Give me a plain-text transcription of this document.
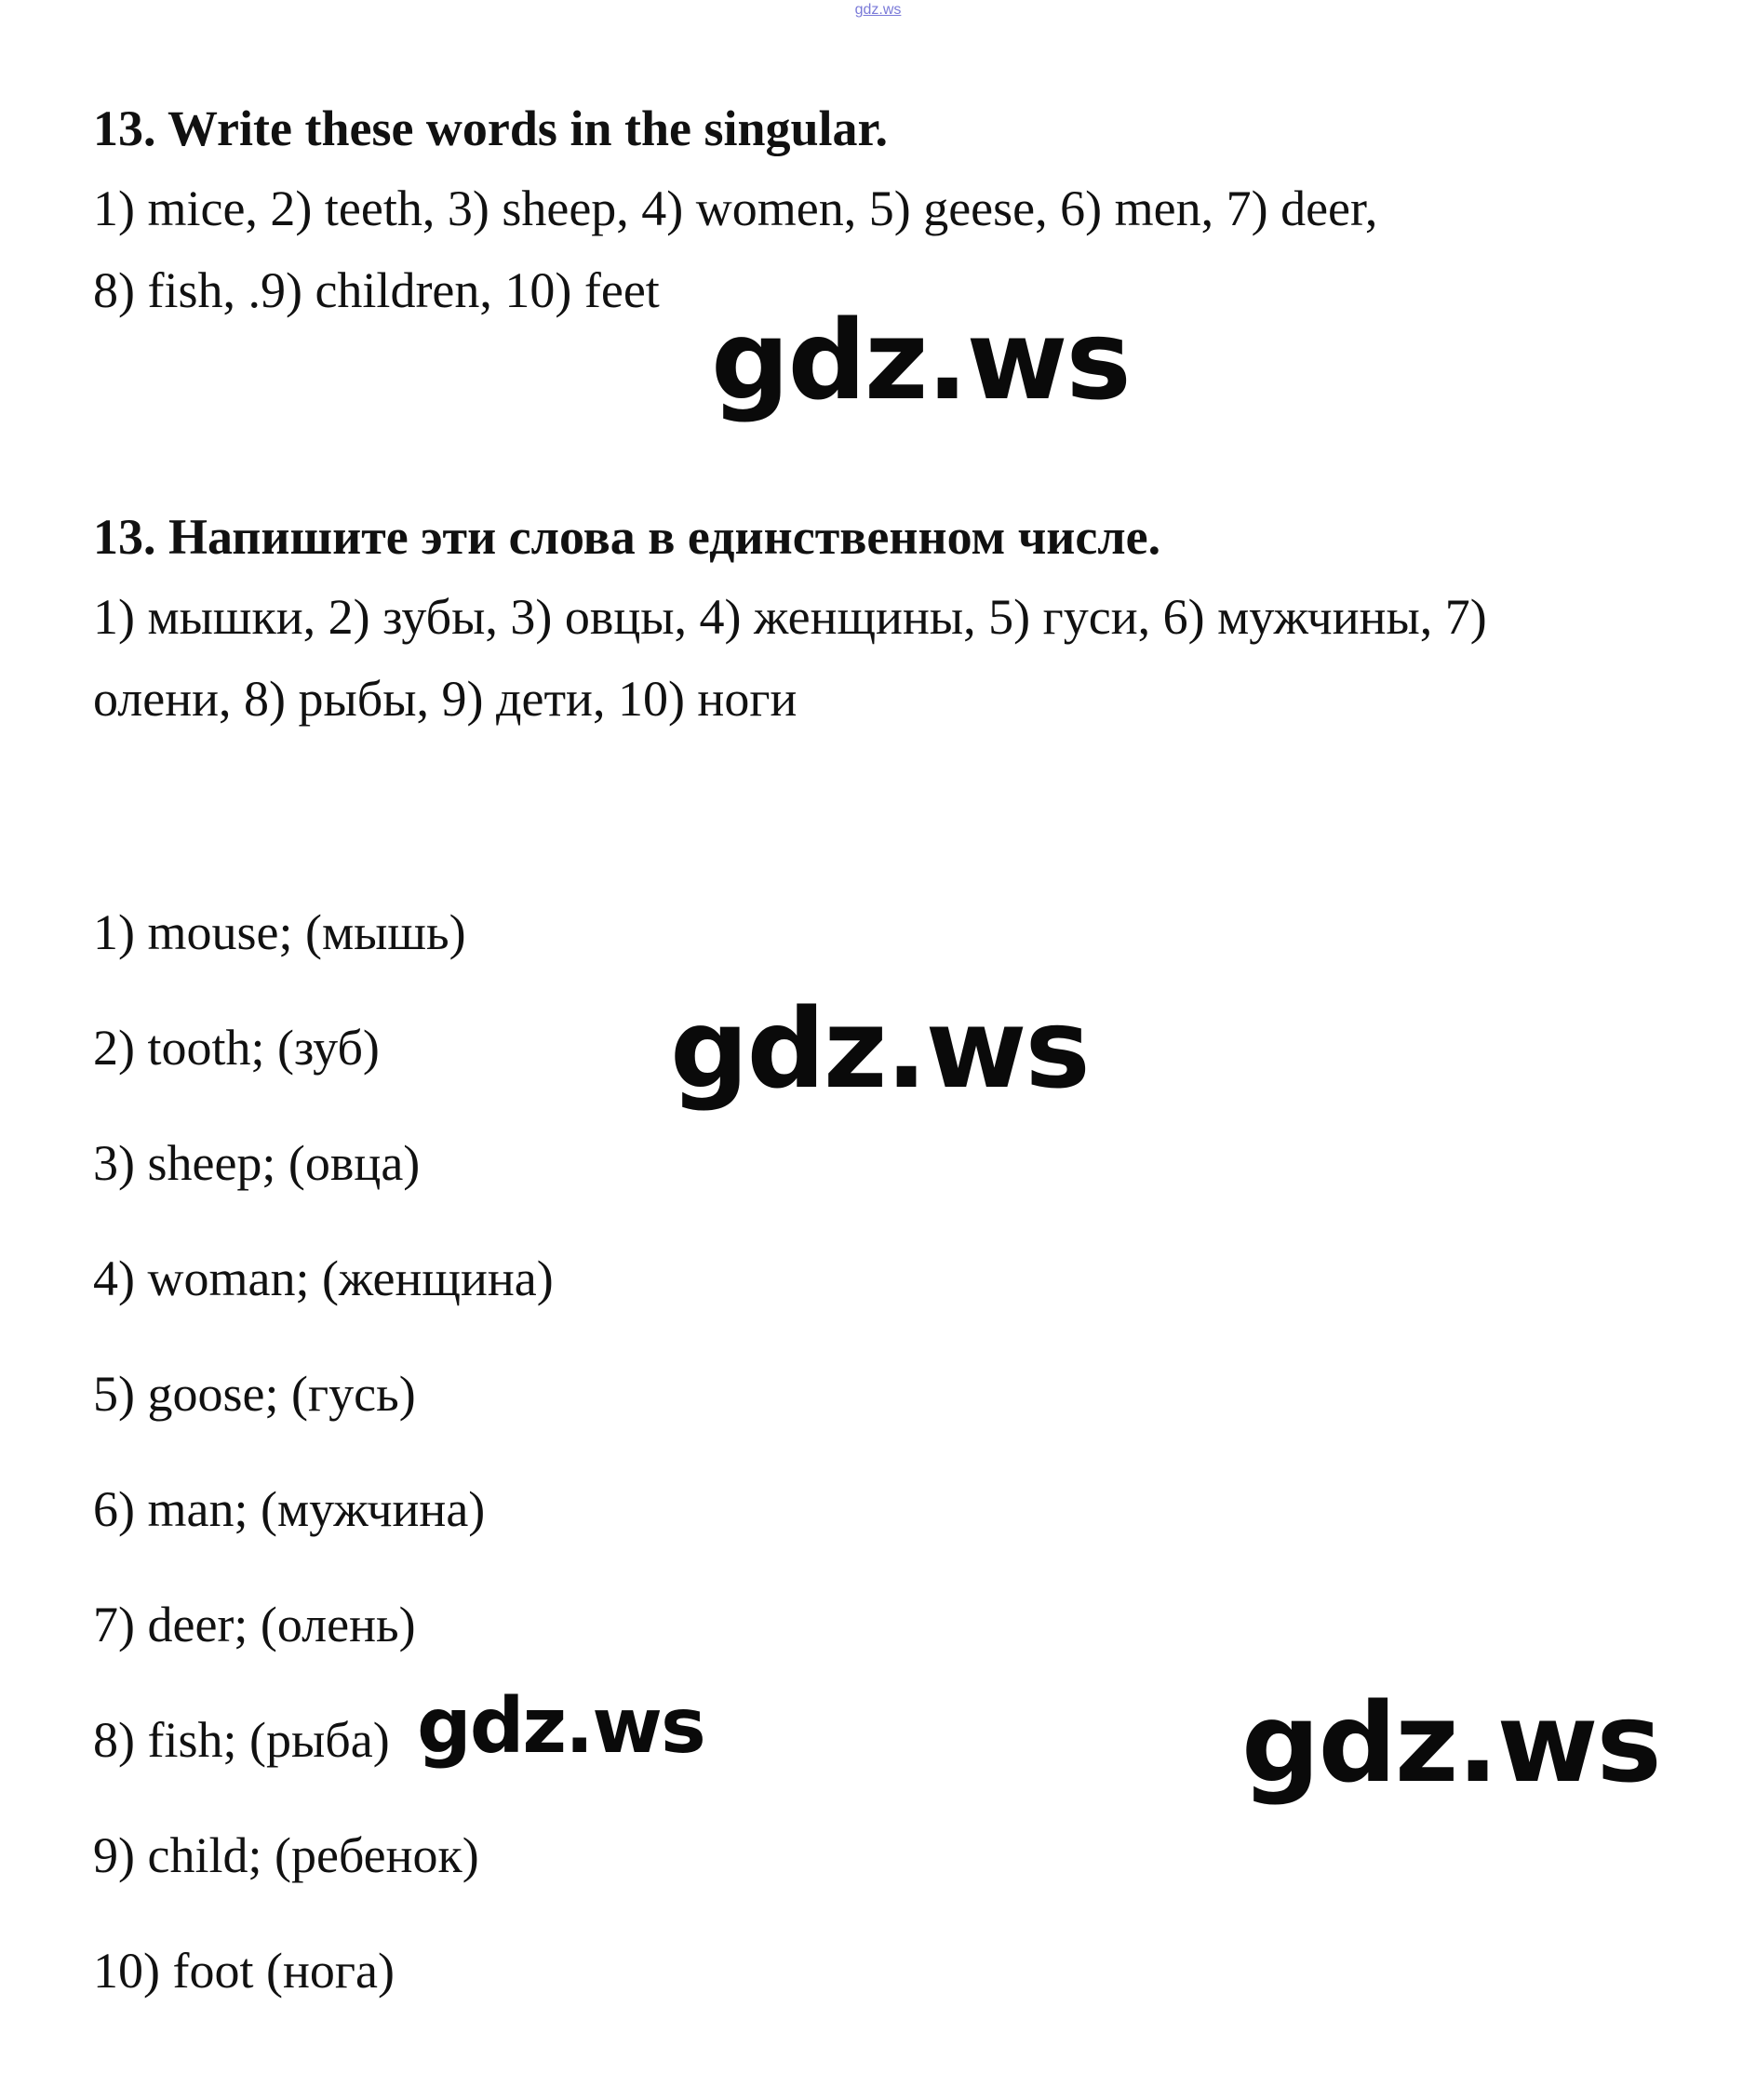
gdz.ws
13. Write these words in the singular.
1) mice, 2) teeth, 3) sheep, 4) women, 5) geese, 6) men, 7) deer,
8) fish, .9) children, 10) feet
13. Напишите эти слова в единственном числе.
1) мышки, 2) зубы, 3) овцы, 4) женщины, 5) гуси, 6) мужчины, 7)
олени, 8) рыбы, 9) дети, 10) ноги
1) mouse; (мышь)
2) tooth; (зуб)
3) sheep; (овца)
4) woman; (женщина)
5) goose; (гусь)
6) man; (мужчина)
7) deer; (олень)
8) fish; (рыба)
9) child; (ребенок)
10) foot (нога)
gdz.ws
gdz.ws
gdz.ws	gdz.ws
